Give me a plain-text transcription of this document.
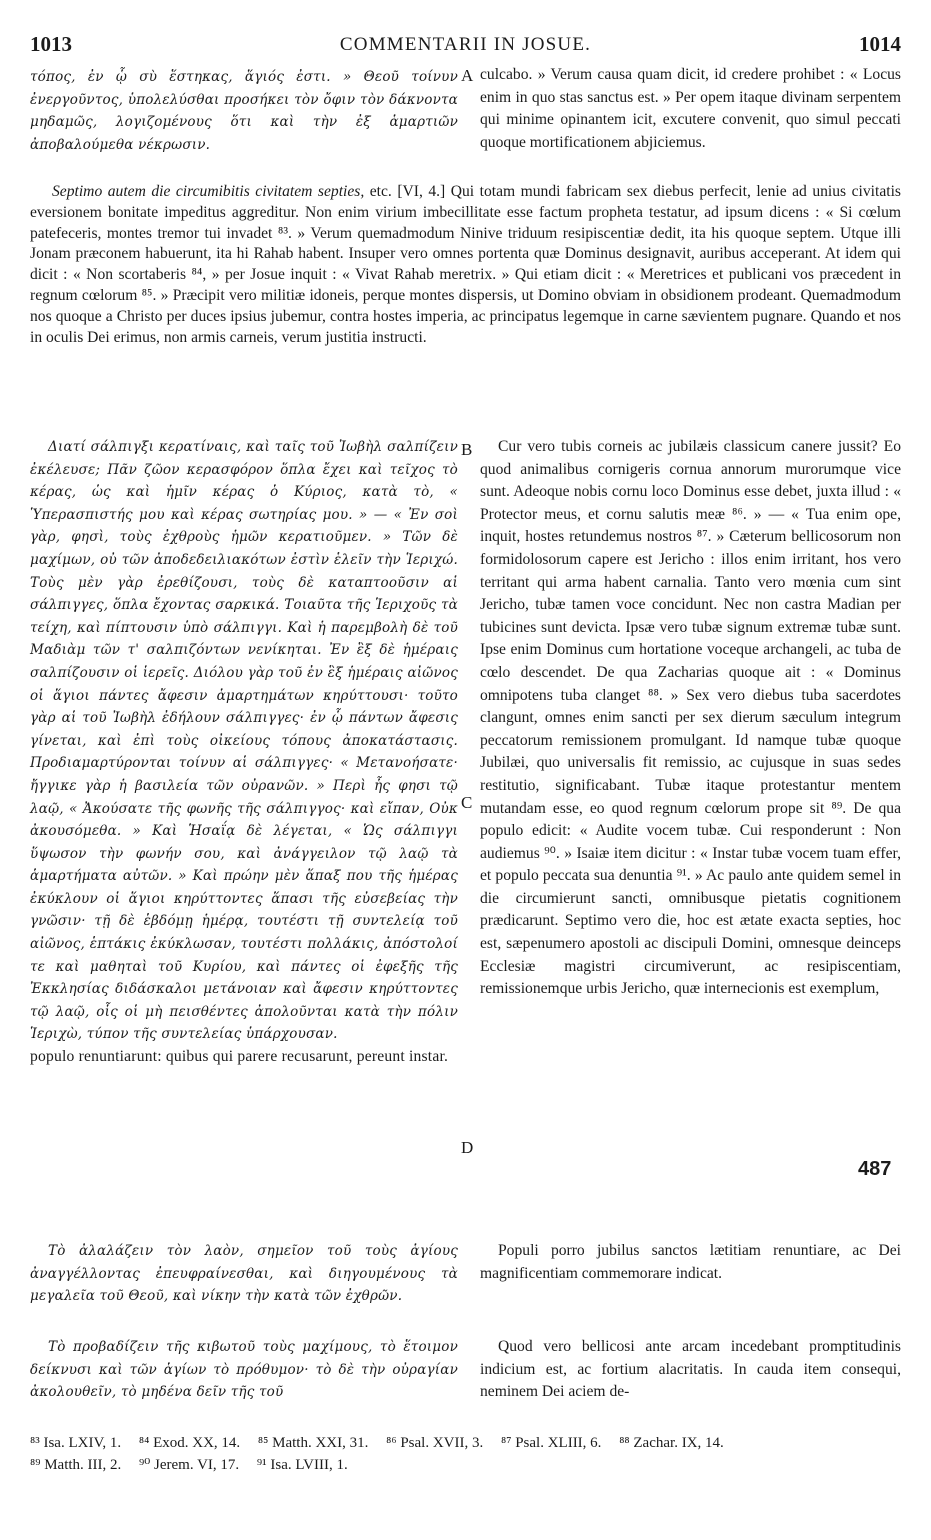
1013	COMMENTARII IN JOSUE.	1014

τόπος, ἐν ᾧ σὺ ἕστηκας, ἅγιός ἐστι. » Θεοῦ τοίνυν ἐνεργοῦντος, ὑπολελύσθαι προσήκει τὸν ὄφιν τὸν δάκνοντα μηδαμῶς, λογιζομένους ὅτι καὶ τὴν ἐξ ἁμαρτιῶν ἀποβαλούμεθα νέκρωσιν.

A culcabo. » Verum causa quam dicit, id credere prohibet : « Locus enim in quo stas sanctus est. » Per opem itaque divinam serpentem qui minime opinantem icit, excutere convenit, quo simul peccati quoque mortificationem abjiciemus.

Septimo autem die circumibitis civitatem septies, etc. [VI, 4.] Qui totam mundi fabricam sex diebus perfecit, lenie ad unius civitatis eversionem bonitate impeditus aggreditur. Non enim virium imbecillitate esse factum propheta testatur, ad ipsum dicens : « Si cœlum patefeceris, montes tremor tui invadet ⁸³. » Verum quemadmodum Ninive triduum resipiscentiæ dedit, ita his quoque septem. Utque illi Jonam præconem habuerunt, ita hi Rahab habent. Insuper vero omnes portenta quæ Dominus designavit, auribus acceperant. At idem qui dicit : « Non scortaberis ⁸⁴, » per Josue inquit : « Vivat Rahab meretrix. » Qui etiam dicit : « Meretrices et publicani vos præcedent in regnum cœlorum ⁸⁵. » Præcipit vero militiæ idoneis, perque montes dispersis, ut Domino obviam in obsidionem prodeant. Quemadmodum nos quoque a Christo per duces ipsius jubemur, contra hostes imperia, ac principatus legemque in carne sævientem pugnare. Quando et nos in oculis Dei erimus, non armis carneis, verum justitia instructi.

Διατί σάλπιγξι κερατίναις, καὶ ταῖς τοῦ Ἰωβὴλ σαλπίζειν ἐκέλευσε; Πᾶν ζῶον κερασφόρον ὅπλα ἔχει καὶ τεῖχος τὸ κέρας, ὡς καὶ ἡμῖν κέρας ὁ Κύριος, κατὰ τὸ, « Ὑπερασπιστής μου καὶ κέρας σωτηρίας μου. » — « Ἐν σοὶ γὰρ, φησὶ, τοὺς ἐχθροὺς ἡμῶν κερατιοῦμεν. » Τῶν δὲ μαχίμων, οὐ τῶν ἀποδεδειλιακότων ἐστὶν ἑλεῖν τὴν Ἱεριχώ. Τοὺς μὲν γὰρ ἐρεθίζουσι, τοὺς δὲ καταπτοοῦσιν αἱ σάλπιγγες, ὅπλα ἔχοντας σαρκικά. Τοιαῦτα τῆς Ἱεριχοῦς τὰ τείχη, καὶ πίπτουσιν ὑπὸ σάλπιγγι. Καὶ ἡ παρεμβολὴ δὲ τοῦ Μαδιὰμ τῶν τ' σαλπιζόντων νενίκηται. Ἐν ἓξ δὲ ἡμέραις σαλπίζουσιν οἱ ἱερεῖς. Διόλου γὰρ τοῦ ἐν ἓξ ἡμέραις αἰῶνος οἱ ἅγιοι πάντες ἄφεσιν ἁμαρτημάτων κηρύττουσι· τοῦτο γὰρ αἱ τοῦ Ἰωβὴλ ἐδήλουν σάλπιγγες· ἐν ᾧ πάντων ἄφεσις γίνεται, καὶ ἐπὶ τοὺς οἰκείους τόπους ἀποκατάστασις. Προδιαμαρτύρονται τοίνυν αἱ σάλπιγγες· « Μετανοήσατε· ἤγγικε γὰρ ἡ βασιλεία τῶν οὐρανῶν. » Περὶ ἧς φησι τῷ λαῷ, « Ἀκούσατε τῆς φωνῆς τῆς σάλπιγγος· καὶ εἴπαν, Οὐκ ἀκουσόμεθα. » Καὶ Ἡσαΐᾳ δὲ λέγεται, « Ὡς σάλπιγγι ὕψωσον τὴν φωνήν σου, καὶ ἀνάγγειλον τῷ λαῷ τὰ ἁμαρτήματα αὐτῶν. » Καὶ πρώην μὲν ἅπαξ που τῆς ἡμέρας ἐκύκλουν οἱ ἅγιοι κηρύττοντες ἅπασι τῆς εὐσεβείας τὴν γνῶσιν· τῇ δὲ ἑβδόμῃ ἡμέρᾳ, τουτέστι τῇ συντελείᾳ τοῦ αἰῶνος, ἑπτάκις ἐκύκλωσαν, τουτέστι πολλάκις, ἀπόστολοί τε καὶ μαθηταὶ τοῦ Κυρίου, καὶ πάντες οἱ ἐφεξῆς τῆς Ἐκκλησίας διδάσκαλοι μετάνοιαν καὶ ἄφεσιν κηρύττοντες τῷ λαῷ, οἷς οἱ μὴ πεισθέντες ἀπολοῦνται κατὰ τὴν πόλιν Ἱεριχὼ, τύπον τῆς συντελείας ὑπάρχουσαν.

populo renuntiarunt: quibus qui parere recusarunt, pereunt instar.

B
C
D

Cur vero tubis corneis ac jubilæis classicum canere jussit? Eo quod animalibus cornigeris cornua annorum murorumque vice sunt. Adeoque nobis cornu loco Dominus esse debet, juxta illud : « Protector meus, et cornu salutis meæ ⁸⁶. » — « Tua enim ope, inquit, hostes retundemus nostros ⁸⁷. » Cæterum bellicosorum non formidolosorum capere est Jericho : illos enim irritant, hos vero territant qui arma habent carnalia. Tanto vero mœnia cum sint Jericho, tubæ tamen voce concidunt. Nec non castra Madian per tubicines sunt devicta. Ipsæ vero tubæ signum extremæ tubæ sunt. Ipse enim Dominus cum hortatione voceque archangeli, ac tuba de cœlo descendet. De qua Zacharias quoque ait : « Dominus omnipotens tuba clanget ⁸⁸. » Sex vero diebus tuba sacerdotes clangunt, omnes enim sancti per sex dierum sæculum integrum peccatorum remissionem promulgant. Id namque tubæ quoque Jubilæi, quo universalis fit remissio, ac cujusque in suas sedes restitutio, significabant. Tubæ itaque protestantur mentem mutandam esse, eo quod regnum cœlorum prope sit ⁸⁹. De qua populo edicit: « Audite vocem tubæ. Cui responderunt : Non audiemus ⁹⁰. » Isaiæ item dicitur : « Instar tubæ vocem tuam effer, et populo peccata sua denuntia ⁹¹. » Ac paulo ante quidem semel in die circumierunt sancti, omnibusque pietatis cognitionem prædicarunt. Septimo vero die, hoc est ætate exacta septies, hoc est, sæpenumero apostoli ac discipuli Domini, omnesque deinceps Ecclesiæ magistri circumiverunt, ac resipiscentiam, remissionemque urbis Jericho, quæ internecionis est exemplum,

487

Τὸ ἀλαλάζειν τὸν λαὸν, σημεῖον τοῦ τοὺς ἁγίους ἀναγγέλλοντας ἐπευφραίνεσθαι, καὶ διηγουμένους τὰ μεγαλεῖα τοῦ Θεοῦ, καὶ νίκην τὴν κατὰ τῶν ἐχθρῶν.

Populi porro jubilus sanctos lætitiam renuntiare, ac Dei magnificentiam commemorare indicat.

Τὸ προβαδίζειν τῆς κιβωτοῦ τοὺς μαχίμους, τὸ ἕτοιμον δείκνυσι καὶ τῶν ἁγίων τὸ πρόθυμον· τὸ δὲ τὴν οὐραγίαν ἀκολουθεῖν, τὸ μηδένα δεῖν τῆς τοῦ

Quod vero bellicosi ante arcam incedebant promptitudinis indicium est, ac fortium alacritatis. In cauda item consequi, neminem Dei aciem de-

⁸³ Isa. LXIV, 1. ⁸⁴ Exod. XX, 14. ⁸⁵ Matth. XXI, 31. ⁸⁶ Psal. XVII, 3. ⁸⁷ Psal. XLIII, 6. ⁸⁸ Zachar. IX, 14.
⁸⁹ Matth. III, 2. ⁹⁰ Jerem. VI, 17. ⁹¹ Isa. LVIII, 1.
